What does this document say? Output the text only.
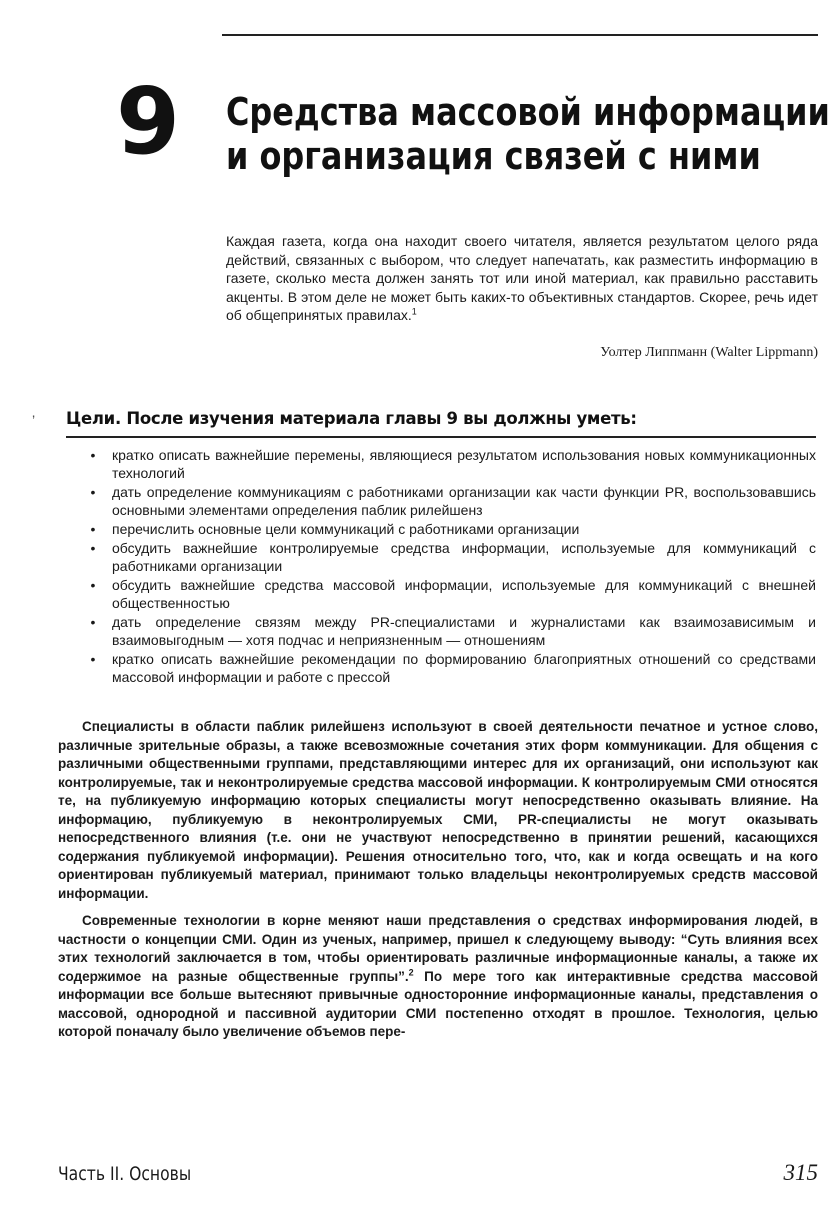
9 Средства массовой информации
и организация связей с ними
Каждая газета, когда она находит своего читателя, является результатом целого ряда действий, связанных с выбором, что следует напечатать, как разместить информацию в газете, сколько места должен занять тот или иной материал, как правильно расставить акценты. В этом деле не может быть каких-то объективных стандартов. Скорее, речь идет об общепринятых правилах.$^1$
Уолтер Липпманн (Walter Lippmann)
’ Цели. После изучения материала главы 9 вы должны уметь:
• кратко описать важнейшие перемены, являющиеся результатом использования новых коммуникационных технологий
• дать определение коммуникациям с работниками организации как части функции PR, воспользовавшись основными элементами определения паблик рилейшенз
• перечислить основные цели коммуникаций с работниками организации
• обсудить важнейшие контролируемые средства информации, используемые для коммуникаций с работниками организации
• обсудить важнейшие средства массовой информации, используемые для коммуникаций с внешней общественностью
• дать определение связям между PR-специалистами и журналистами как взаимозависимым и взаимовыгодным — хотя подчас и неприязненным — отношениям
• кратко описать важнейшие рекомендации по формированию благоприятных отношений со средствами массовой информации и работе с прессой

Специалисты в области паблик рилейшенз используют в своей деятельности печатное и устное слово, различные зрительные образы, а также всевозможные сочетания этих форм коммуникации. Для общения с различными общественными группами, представляющими интерес для их организаций, они используют как контролируемые, так и неконтролируемые средства массовой информации. К контролируемым СМИ относятся те, на публикуемую информацию которых специалисты могут непосредственно оказывать влияние. На информацию, публикуемую в неконтролируемых СМИ, PR-специалисты не могут оказывать непосредственного влияния (т.е. они не участвуют непосредственно в принятии решений, касающихся содержания публикуемой информации). Решения относительно того, что, как и когда освещать и на кого ориентирован публикуемый материал, принимают только владельцы неконтролируемых средств массовой информации.

Современные технологии в корне меняют наши представления о средствах информирования людей, в частности о концепции СМИ. Один из ученых, например, пришел к следующему выводу: “Суть влияния всех этих технологий заключается в том, чтобы ориентировать различные информационные каналы, а также их содержимое на разные общественные группы”.$^2$ По мере того как интерактивные средства массовой информации все больше вытесняют привычные односторонние информационные каналы, представления о массовой, однородной и пассивной аудитории СМИ постепенно отходят в прошлое. Технология, целью которой поначалу было увеличение объемов пере-

Часть II. Основы	315
